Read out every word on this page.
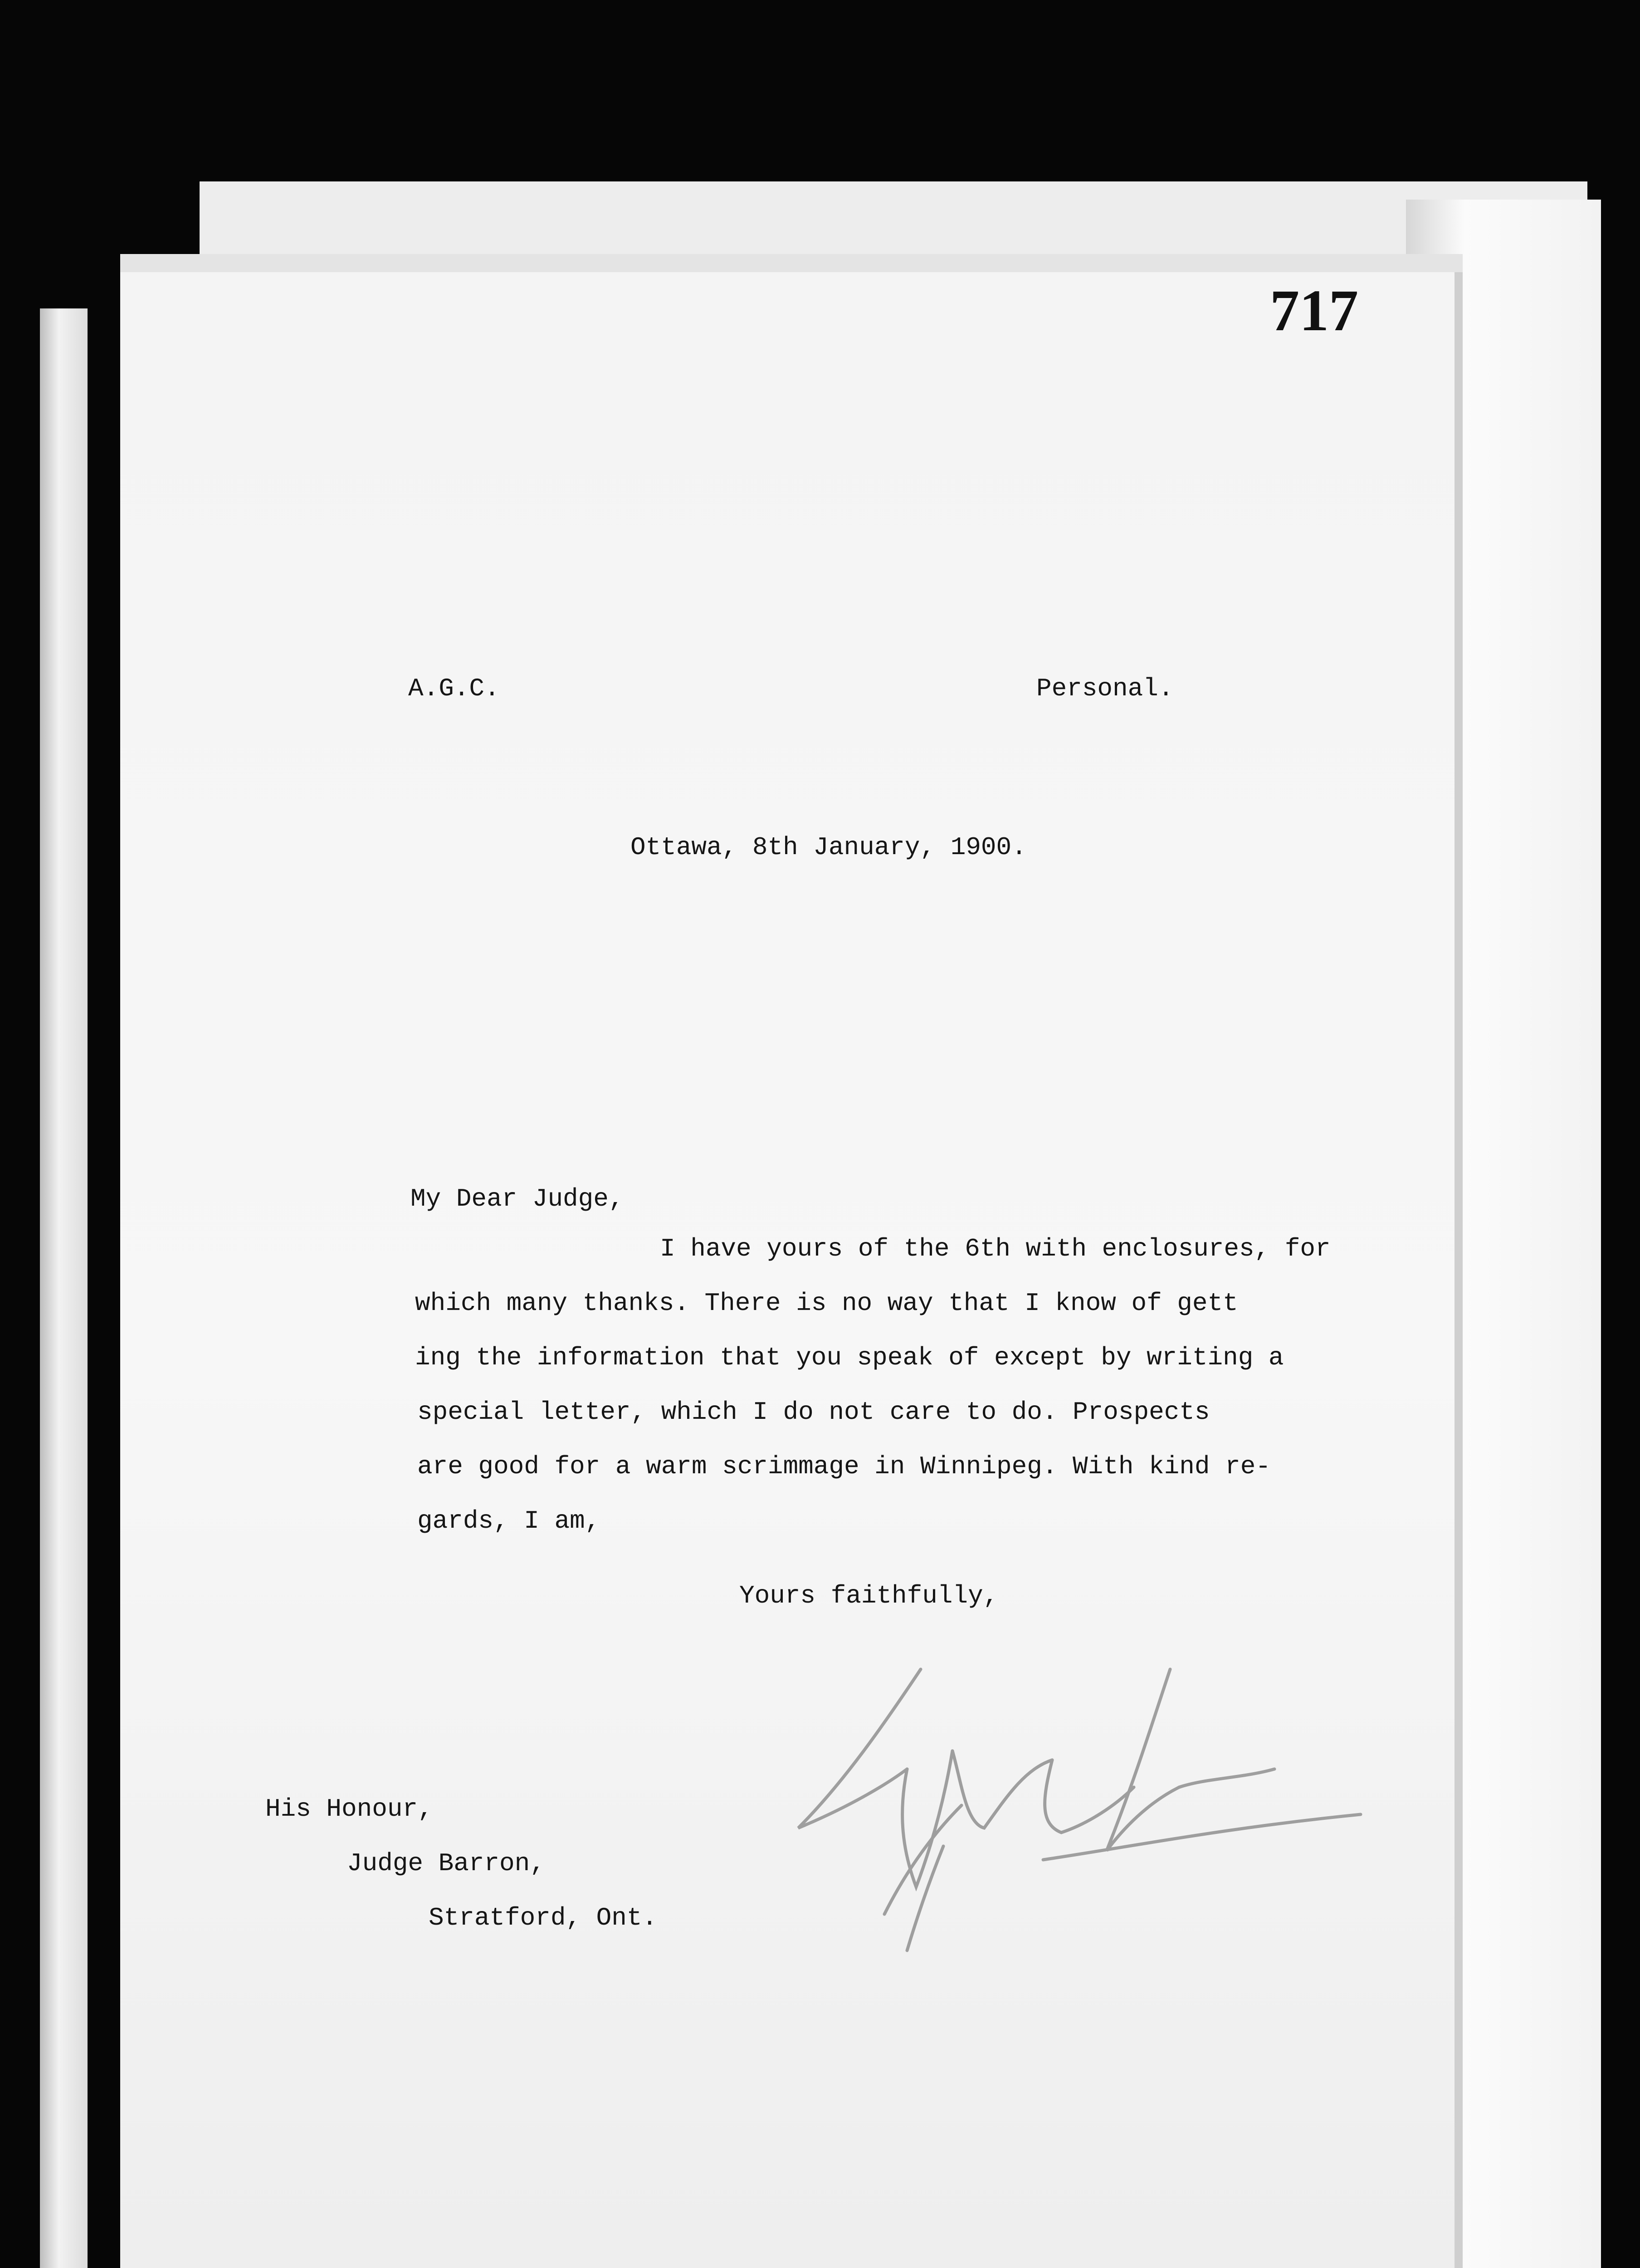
717
A.G.C.	Personal.
Ottawa, 8th January, 1900.
My Dear Judge,
I have yours of the 6th with enclosures, for
which many thanks. There is no way that I know of gett
ing the information that you speak of except by writing a
special letter, which I do not care to do. Prospects
are good for a warm scrimmage in Winnipeg. With kind re-
gards, I am,
Yours faithfully,
His Honour,
Judge Barron,
Stratford, Ont.
